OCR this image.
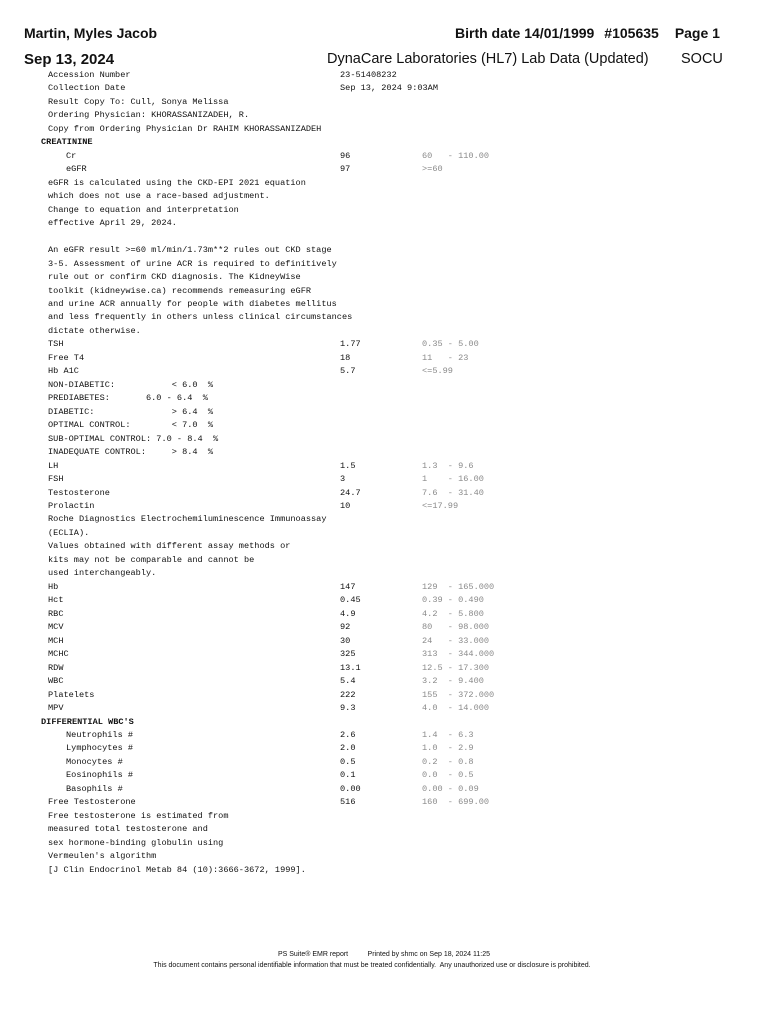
Martin, Myles Jacob	Birth date 14/01/1999 #105635 Page 1
Sep 13, 2024	DynaCare Laboratories (HL7) Lab Data (Updated) SOCU
Accession Number	23-51408232
Collection Date	Sep 13, 2024 9:03AM
Result Copy To: Cull, Sonya Melissa
Ordering Physician: KHORASSANIZADEH, R.
Copy from Ordering Physician Dr RAHIM KHORASSANIZADEH
CREATININE
Cr	96	60   - 110.00
eGFR	97	>=60
eGFR is calculated using the CKD-EPI 2021 equation
which does not use a race-based adjustment.
Change to equation and interpretation
effective April 29, 2024.
An eGFR result >=60 ml/min/1.73m**2 rules out CKD stage
3-5. Assessment of urine ACR is required to definitively
rule out or confirm CKD diagnosis. The KidneyWise
toolkit (kidneywise.ca) recommends remeasuring eGFR
and urine ACR annually for people with diabetes mellitus
and less frequently in others unless clinical circumstances
dictate otherwise.
TSH	1.77	0.35 - 5.00
Free T4	18	11   - 23
Hb A1C	5.7	<=5.99
NON-DIABETIC:           < 6.0  %
PREDIABETES:       6.0 - 6.4  %
DIABETIC:               > 6.4  %
OPTIMAL CONTROL:        < 7.0  %
SUB-OPTIMAL CONTROL: 7.0 - 8.4  %
INADEQUATE CONTROL:     > 8.4  %
LH	1.5	1.3  - 9.6
FSH	3	1    - 16.00
Testosterone	24.7	7.6  - 31.40
Prolactin	10	<=17.99
Roche Diagnostics Electrochemiluminescence Immunoassay
(ECLIA).
Values obtained with different assay methods or
kits may not be comparable and cannot be
used interchangeably.
Hb	147	129  - 165.000
Hct	0.45	0.39 - 0.490
RBC	4.9	4.2  - 5.800
MCV	92	80   - 98.000
MCH	30	24   - 33.000
MCHC	325	313  - 344.000
RDW	13.1	12.5 - 17.300
WBC	5.4	3.2  - 9.400
Platelets	222	155  - 372.000
MPV	9.3	4.0  - 14.000
DIFFERENTIAL WBC'S
Neutrophils #	2.6	1.4  - 6.3
Lymphocytes #	2.0	1.0  - 2.9
Monocytes #	0.5	0.2  - 0.8
Eosinophils #	0.1	0.0  - 0.5
Basophils #	0.00	0.00 - 0.09
Free Testosterone	516	160  - 699.00
Free testosterone is estimated from
measured total testosterone and
sex hormone-binding globulin using
Vermeulen's algorithm
[J Clin Endocrinol Metab 84 (10):3666-3672, 1999].
PS Suite® EMR report          Printed by shmc on Sep 18, 2024 11:25
This document contains personal identifiable information that must be treated confidentially.  Any unauthorized use or disclosure is prohibited.
